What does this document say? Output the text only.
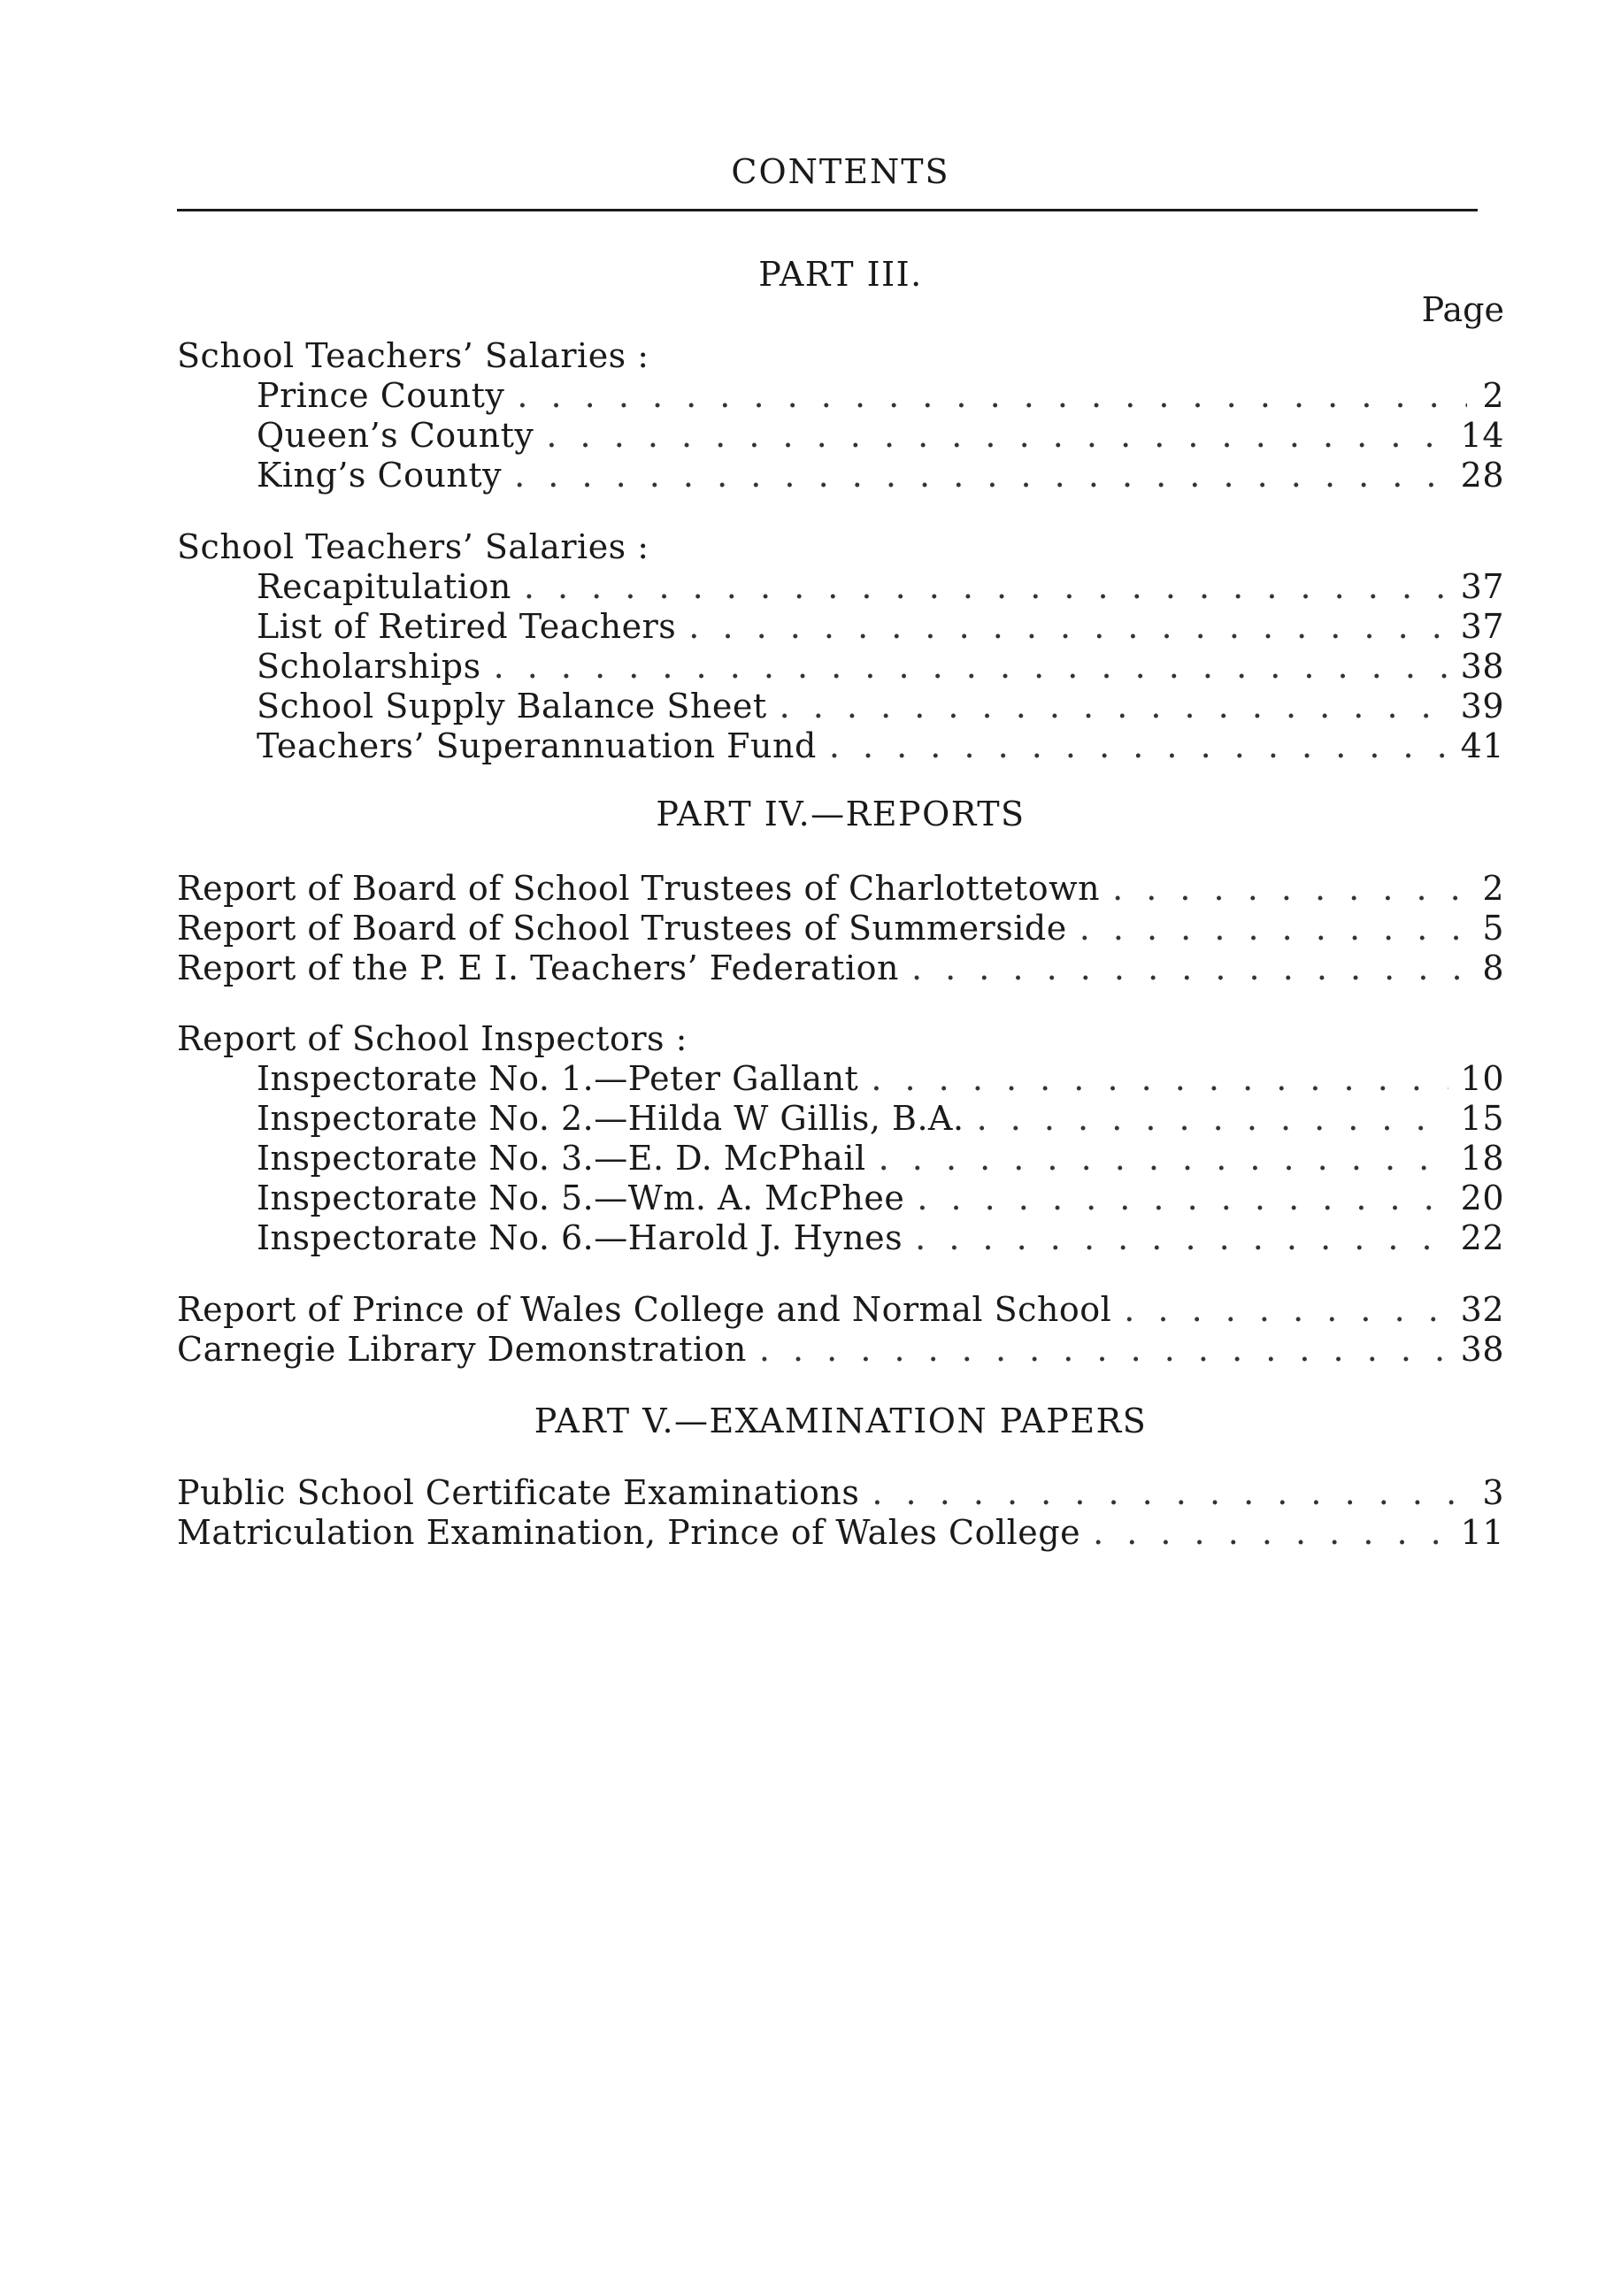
CONTENTS
PART III.
Page
School Teachers’ Salaries :
Prince County . . .	2
Queen’s County . . .	14
King’s County . . .	28
School Teachers’ Salaries :
Recapitulation . . .	37
List of Retired Teachers . . .	37
Scholarships . . .	38
School Supply Balance Sheet . . .	39
Teachers’ Superannuation Fund . . .	41
PART IV.—REPORTS
Report of Board of School Trustees of Charlottetown . . .	2
Report of Board of School Trustees of Summerside . . .	5
Report of the P. E I. Teachers’ Federation . . .	8
Report of School Inspectors :
Inspectorate No. 1.—Peter Gallant . . .	10
Inspectorate No. 2.—Hilda W Gillis, B.A. . . .	15
Inspectorate No. 3.—E. D. McPhail . . .	18
Inspectorate No. 5.—Wm. A. McPhee . . .	20
Inspectorate No. 6.—Harold J. Hynes . . .	22
Report of Prince of Wales College and Normal School . . .	32
Carnegie Library Demonstration . . .	38
PART V.—EXAMINATION PAPERS
Public School Certificate Examinations . . .	3
Matriculation Examination, Prince of Wales College . . .	11
